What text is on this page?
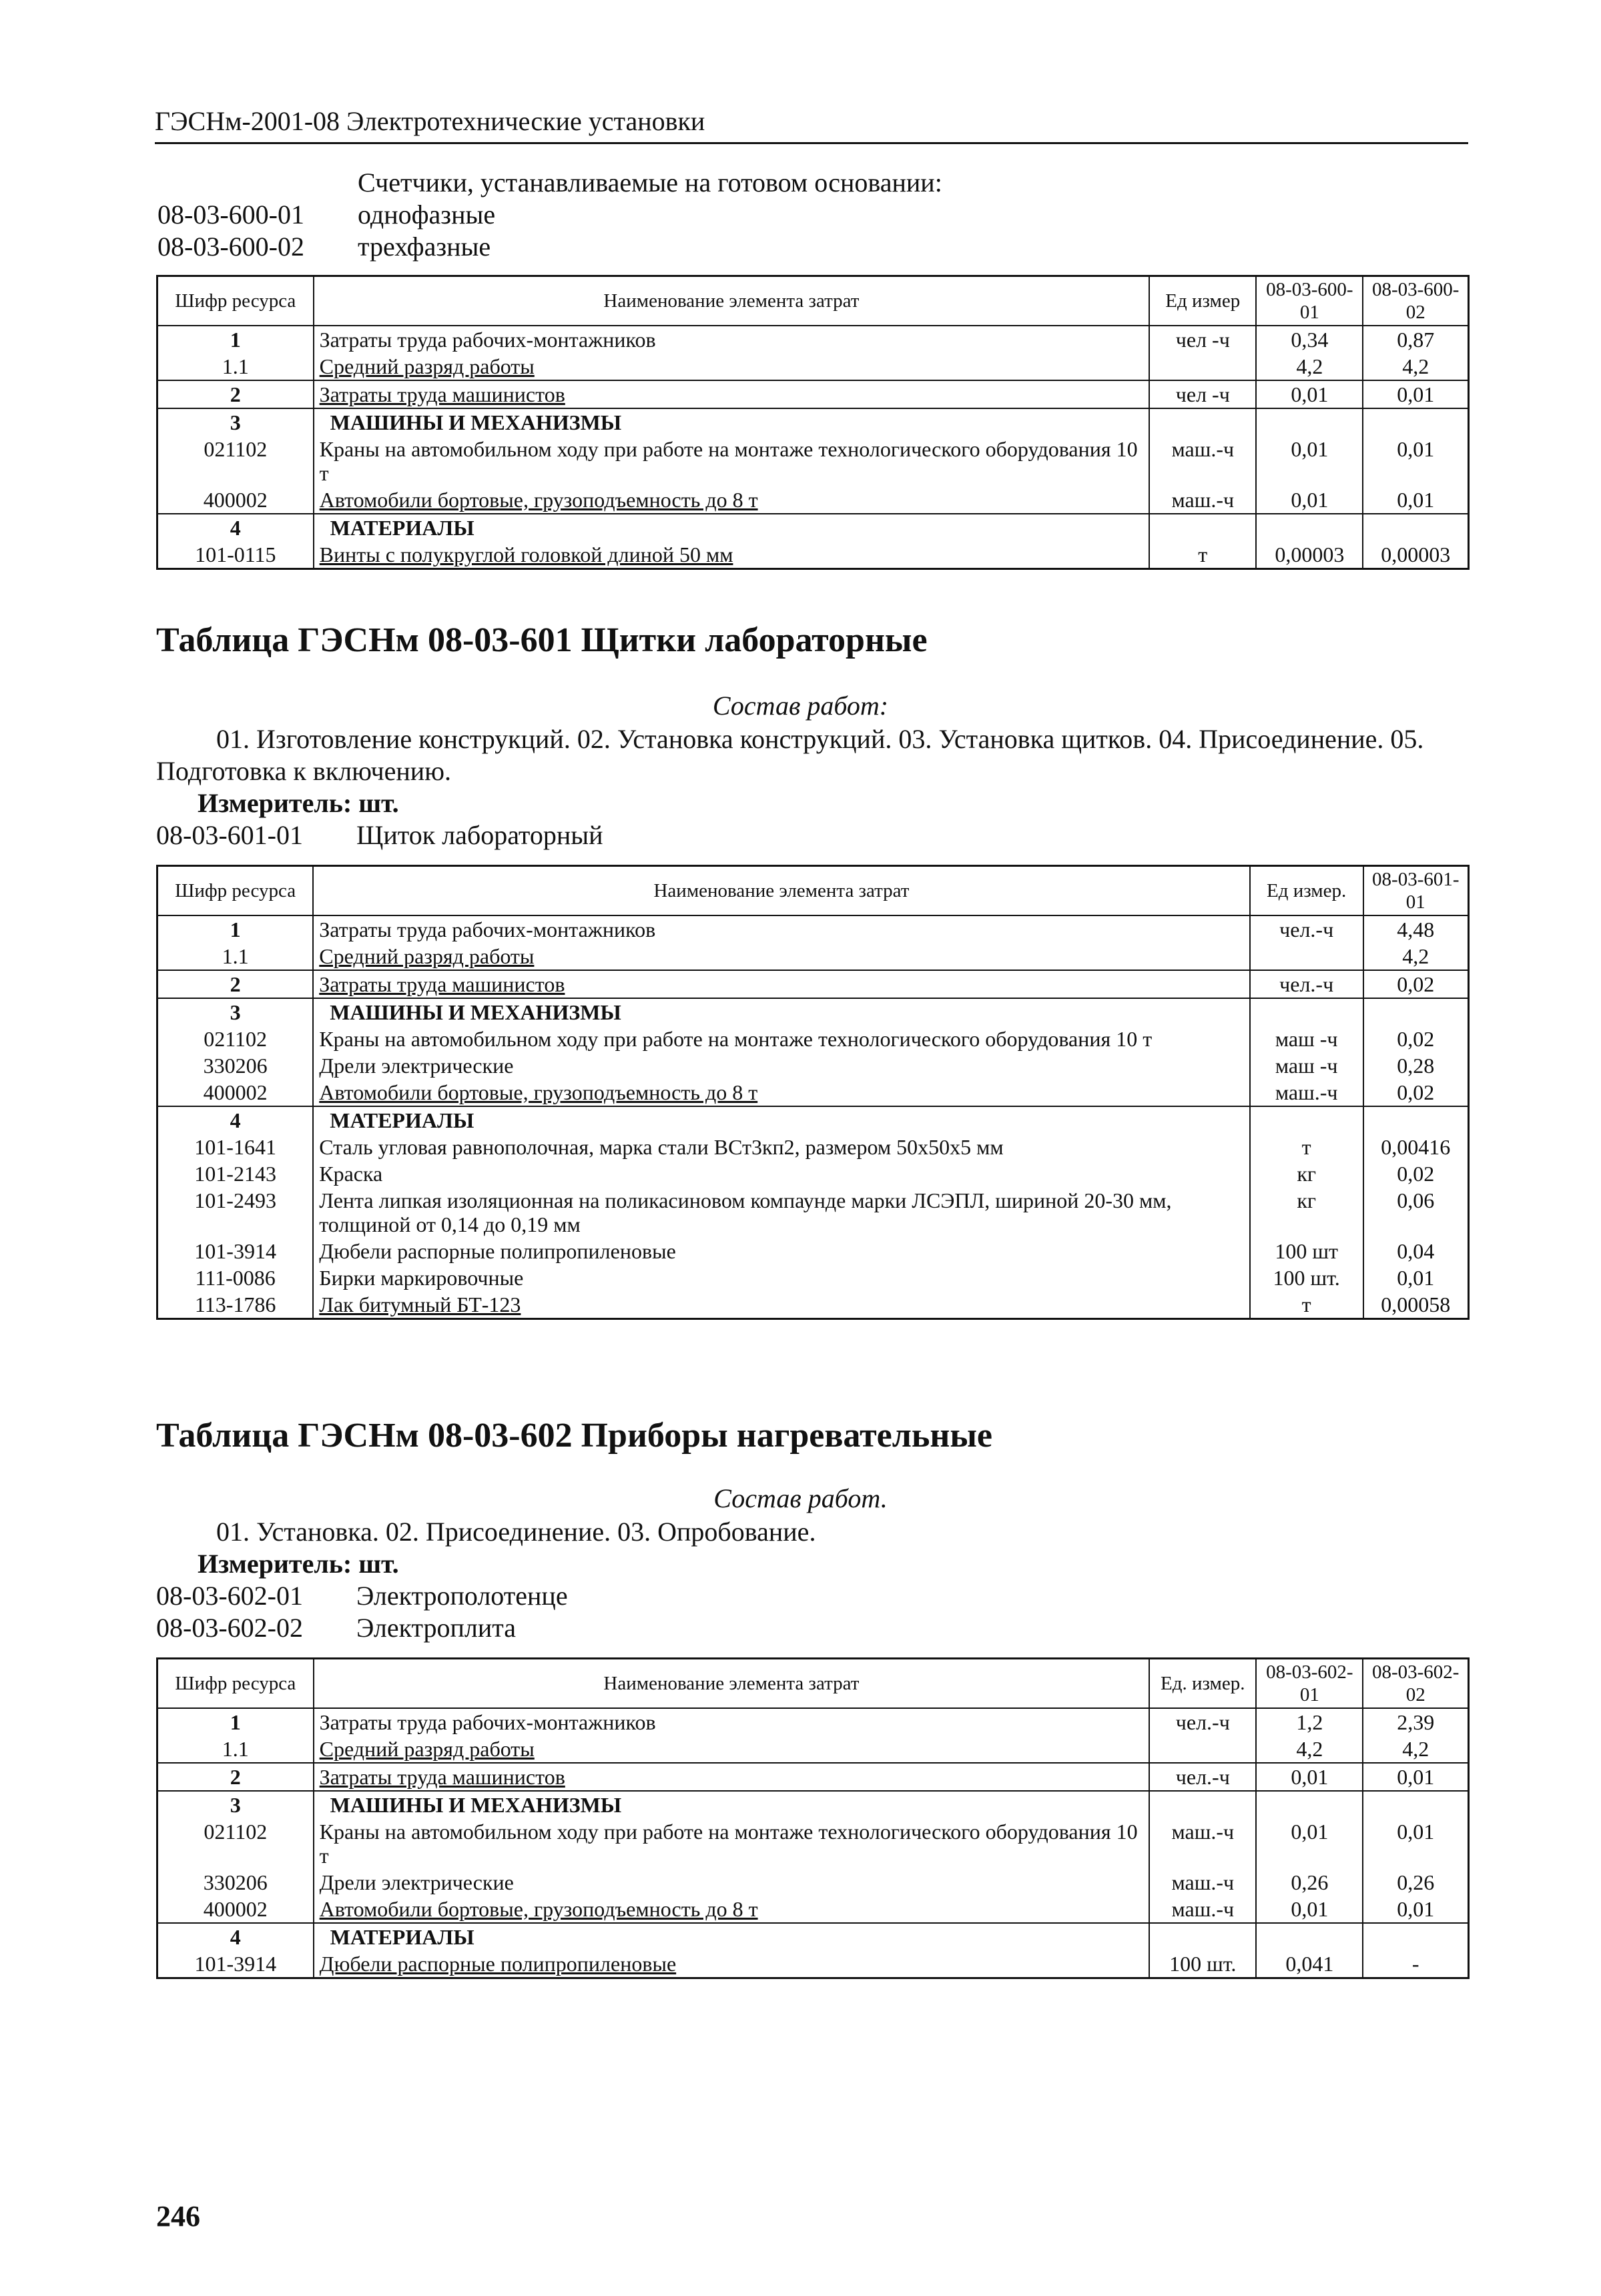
ГЭСНм-2001-08 Электротехнические установки
Счетчики, устанавливаемые на готовом основании:
08-03-600-01	однофазные
08-03-600-02	трехфазные
Шифр ресурса	Наименование элемента затрат	Ед измер	08-03-600-01	08-03-600-02
1	Затраты труда рабочих-монтажников	чел -ч	0,34	0,87
1.1	Средний разряд работы		4,2	4,2
2	Затраты труда машинистов	чел -ч	0,01	0,01
3	МАШИНЫ И МЕХАНИЗМЫ			
021102	Краны на автомобильном ходу при работе на монтаже технологического оборудования 10 т	маш.-ч	0,01	0,01
400002	Автомобили бортовые, грузоподъемность до 8 т	маш.-ч	0,01	0,01
4	МАТЕРИАЛЫ			
101-0115	Винты с полукруглой головкой длиной 50 мм	т	0,00003	0,00003
Таблица ГЭСНм 08-03-601 Щитки лабораторные
Состав работ:
01. Изготовление конструкций. 02. Установка конструкций. 03. Установка щитков. 04. Присоединение. 05. Подготовка к включению.
Измеритель: шт.
08-03-601-01	Щиток лабораторный
Шифр ресурса	Наименование элемента затрат	Ед измер.	08-03-601-01
1	Затраты труда рабочих-монтажников	чел.-ч	4,48
1.1	Средний разряд работы		4,2
2	Затраты труда машинистов	чел.-ч	0,02
3	МАШИНЫ И МЕХАНИЗМЫ		
021102	Краны на автомобильном ходу при работе на монтаже технологического оборудования 10 т	маш -ч	0,02
330206	Дрели электрические	маш -ч	0,28
400002	Автомобили бортовые, грузоподъемность до 8 т	маш.-ч	0,02
4	МАТЕРИАЛЫ		
101-1641	Сталь угловая равнополочная, марка стали ВСт3кп2, размером 50х50х5 мм	т	0,00416
101-2143	Краска	кг	0,02
101-2493	Лента липкая изоляционная на поликасиновом компаунде марки ЛСЭПЛ, шириной 20-30 мм, толщиной от 0,14 до 0,19 мм	кг	0,06
101-3914	Дюбели распорные полипропиленовые	100 шт	0,04
111-0086	Бирки маркировочные	100 шт.	0,01
113-1786	Лак битумный БТ-123	т	0,00058
Таблица ГЭСНм 08-03-602 Приборы нагревательные
Состав работ.
01. Установка. 02. Присоединение. 03. Опробование.
Измеритель: шт.
08-03-602-01	Электрополотенце
08-03-602-02	Электроплита
Шифр ресурса	Наименование элемента затрат	Ед. измер.	08-03-602-01	08-03-602-02
1	Затраты труда рабочих-монтажников	чел.-ч	1,2	2,39
1.1	Средний разряд работы		4,2	4,2
2	Затраты труда машинистов	чел.-ч	0,01	0,01
3	МАШИНЫ И МЕХАНИЗМЫ			
021102	Краны на автомобильном ходу при работе на монтаже технологического оборудования 10 т	маш.-ч	0,01	0,01
330206	Дрели электрические	маш.-ч	0,26	0,26
400002	Автомобили бортовые, грузоподъемность до 8 т	маш.-ч	0,01	0,01
4	МАТЕРИАЛЫ			
101-3914	Дюбели распорные полипропиленовые	100 шт.	0,041	-
246
